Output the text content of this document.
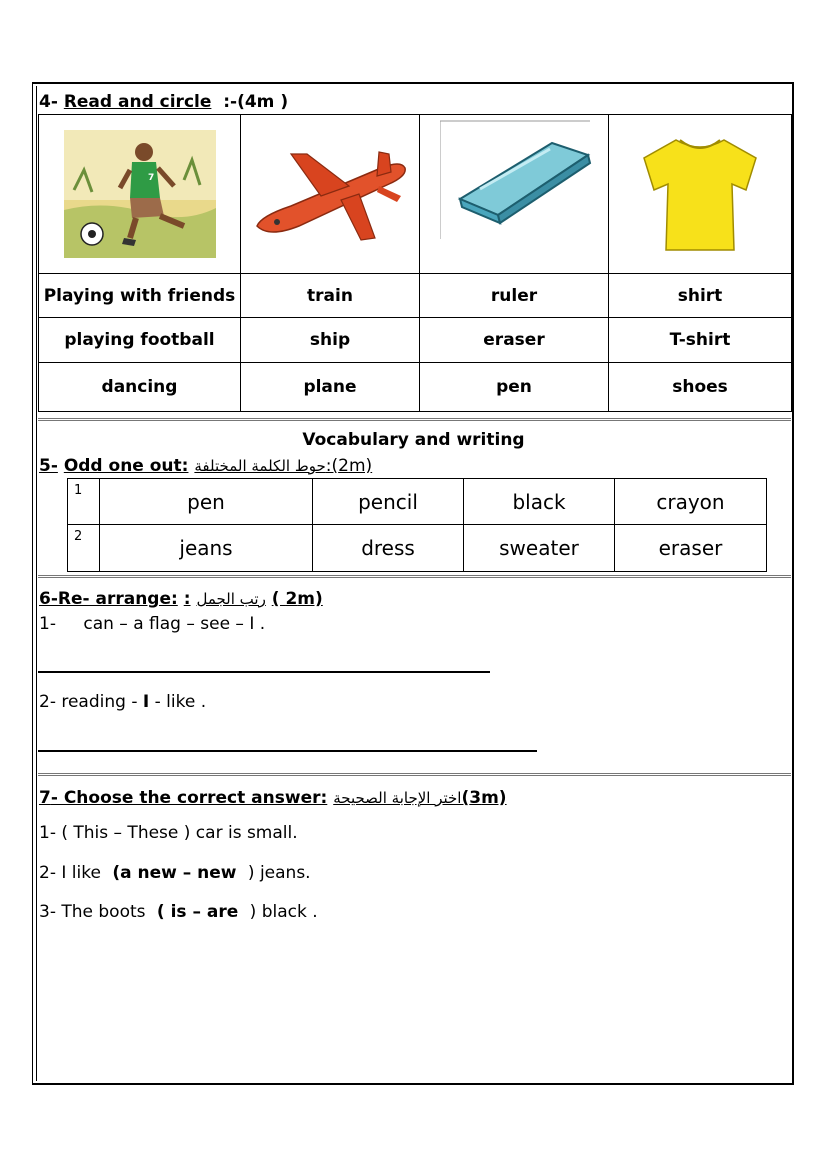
4- Read and circle :-(4m )
7

Playing with friends	train	ruler	shirt
playing football	ship	eraser	T-shirt
dancing	plane	pen	shoes
Vocabulary and writing
5- Odd one out: حوط الكلمة المختلفة:(2m)
1	pen	pencil	black	crayon
2	jeans	dress	sweater	eraser
6-Re- arrange: : رتب الجمل ( 2m)
1- can – a flag – see – I .
2- reading - I - like .
7- Choose the correct answer: اختر الإجابة الصحيحة(3m)
1- ( This – These ) car is small.
2- I like (a new – new ) jeans.
3- The boots ( is – are ) black .
